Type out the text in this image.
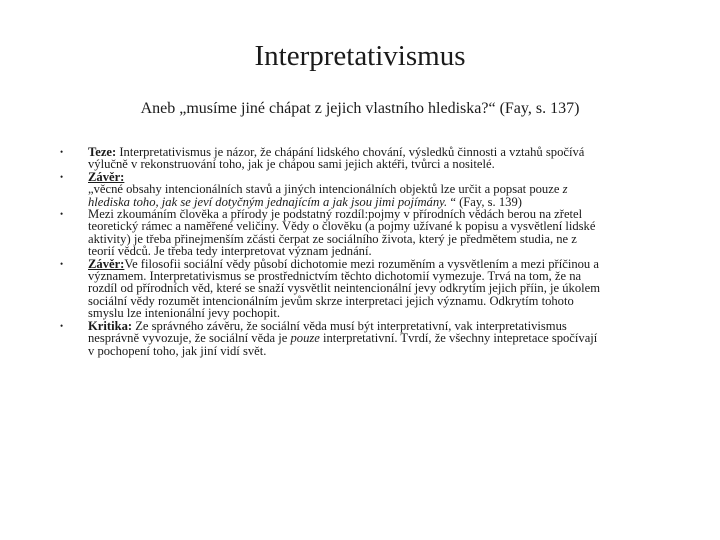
Interpretativismus
Aneb „musíme jiné chápat z jejich vlastního hlediska?“ (Fay, s. 137)
• Teze: Interpretativismus je názor, že chápání lidského chování, výsledků činnosti a vztahů spočívá
výlučně v rekonstruování toho, jak je chápou sami jejich aktéři, tvůrci a nositelé.
• Závěr:
„věcné obsahy intencionálních stavů a jiných intencionálních objektů lze určit a popsat pouze z
hlediska toho, jak se jeví dotyčným jednajícím a jak jsou jimi pojímány. “ (Fay, s. 139)
• Mezi zkoumáním člověka a přírody je podstatný rozdíl:pojmy v přírodních vědách berou na zřetel
teoretický rámec a naměřené veličiny. Vědy o člověku (a pojmy užívané k popisu a vysvětlení lidské
aktivity) je třeba přinejmenším zčásti čerpat ze sociálního života, který je předmětem studia, ne z
teorií vědců. Je třeba tedy interpretovat význam jednání.
• Závěr:Ve filosofii sociální vědy působí dichotomie mezi rozuměním a vysvětlením a mezi příčinou a
významem. Interpretativismus se prostřednictvím těchto dichotomií vymezuje. Trvá na tom, že na
rozdíl od přírodních věd, které se snaží vysvětlit neintencionální jevy odkrytím jejich příin, je úkolem
sociální vědy rozumět intencionálním jevům skrze interpretaci jejich významu. Odkrytím tohoto
smyslu lze intenionální jevy pochopit.
• Kritika: Ze správného závěru, že sociální věda musí být interpretativní, vak interpretativismus
nesprávně vyvozuje, že sociální věda je pouze interpretativní. Tvrdí, že všechny intepretace spočívají
v pochopení toho, jak jiní vidí svět.
